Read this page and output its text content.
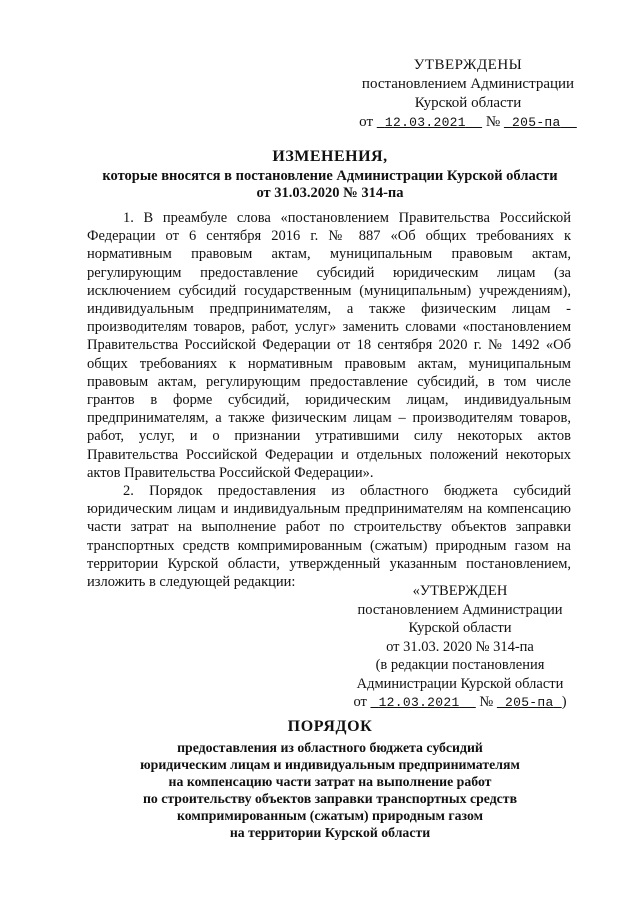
УТВЕРЖДЕНЫ
постановлением Администрации
Курской области
от 12.03.2021 № 205-па
ИЗМЕНЕНИЯ,
которые вносятся в постановление Администрации Курской области
от 31.03.2020 № 314-па

1. В преамбуле слова «постановлением Правительства Российской Федерации от 6 сентября 2016 г. № 887 «Об общих требованиях к нормативным правовым актам, муниципальным правовым актам, регулирующим предоставление субсидий юридическим лицам (за исключением субсидий государственным (муниципальным) учреждениям), индивидуальным предпринимателям, а также физическим лицам - производителям товаров, работ, услуг» заменить словами «постановлением Правительства Российской Федерации от 18 сентября 2020 г. № 1492 «Об общих требованиях к нормативным правовым актам, муниципальным правовым актам, регулирующим предоставление субсидий, в том числе грантов в форме субсидий, юридическим лицам, индивидуальным предпринимателям, а также физическим лицам – производителям товаров, работ, услуг, и о признании утратившими силу некоторых актов Правительства Российской Федерации и отдельных положений некоторых актов Правительства Российской Федерации».

2. Порядок предоставления из областного бюджета субсидий юридическим лицам и индивидуальным предпринимателям на компенсацию части затрат на выполнение работ по строительству объектов заправки транспортных средств компримированным (сжатым) природным газом на территории Курской области, утвержденный указанным постановлением, изложить в следующей редакции:

«УТВЕРЖДЕН
постановлением Администрации
Курской области
от 31.03. 2020 № 314-па
(в редакции постановления
Администрации Курской области
от 12.03.2021 № 205-па )
ПОРЯДОК
предоставления из областного бюджета субсидий
юридическим лицам и индивидуальным предпринимателям
на компенсацию части затрат на выполнение работ
по строительству объектов заправки транспортных средств
компримированным (сжатым) природным газом
на территории Курской области
